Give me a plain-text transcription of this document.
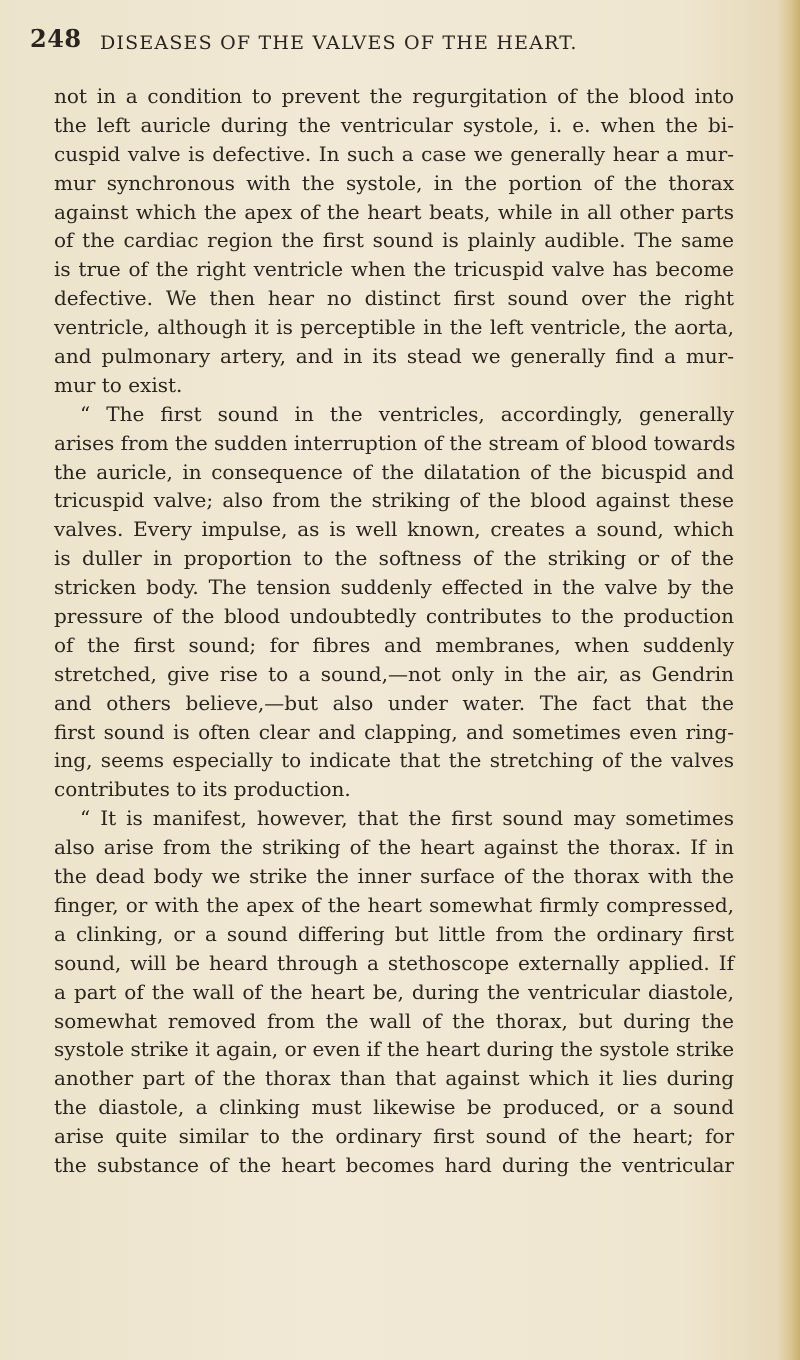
248 DISEASES OF THE VALVES OF THE HEART.
not in a condition to prevent the regurgitation of the blood into
the left auricle during the ventricular systole, i. e. when the bi-
cuspid valve is defective. In such a case we generally hear a mur-
mur synchronous with the systole, in the portion of the thorax
against which the apex of the heart beats, while in all other parts
of the cardiac region the first sound is plainly audible. The same
is true of the right ventricle when the tricuspid valve has become
defective. We then hear no distinct first sound over the right
ventricle, although it is perceptible in the left ventricle, the aorta,
and pulmonary artery, and in its stead we generally find a mur-
mur to exist.
“ The first sound in the ventricles, accordingly, generally
arises from the sudden interruption of the stream of blood towards
the auricle, in consequence of the dilatation of the bicuspid and
tricuspid valve; also from the striking of the blood against these
valves. Every impulse, as is well known, creates a sound, which
is duller in proportion to the softness of the striking or of the
stricken body. The tension suddenly effected in the valve by the
pressure of the blood undoubtedly contributes to the production
of the first sound; for fibres and membranes, when suddenly
stretched, give rise to a sound,—not only in the air, as Gendrin
and others believe,—but also under water. The fact that the
first sound is often clear and clapping, and sometimes even ring-
ing, seems especially to indicate that the stretching of the valves
contributes to its production.
“ It is manifest, however, that the first sound may sometimes
also arise from the striking of the heart against the thorax. If in
the dead body we strike the inner surface of the thorax with the
finger, or with the apex of the heart somewhat firmly compressed,
a clinking, or a sound differing but little from the ordinary first
sound, will be heard through a stethoscope externally applied. If
a part of the wall of the heart be, during the ventricular diastole,
somewhat removed from the wall of the thorax, but during the
systole strike it again, or even if the heart during the systole strike
another part of the thorax than that against which it lies during
the diastole, a clinking must likewise be produced, or a sound
arise quite similar to the ordinary first sound of the heart; for
the substance of the heart becomes hard during the ventricular
